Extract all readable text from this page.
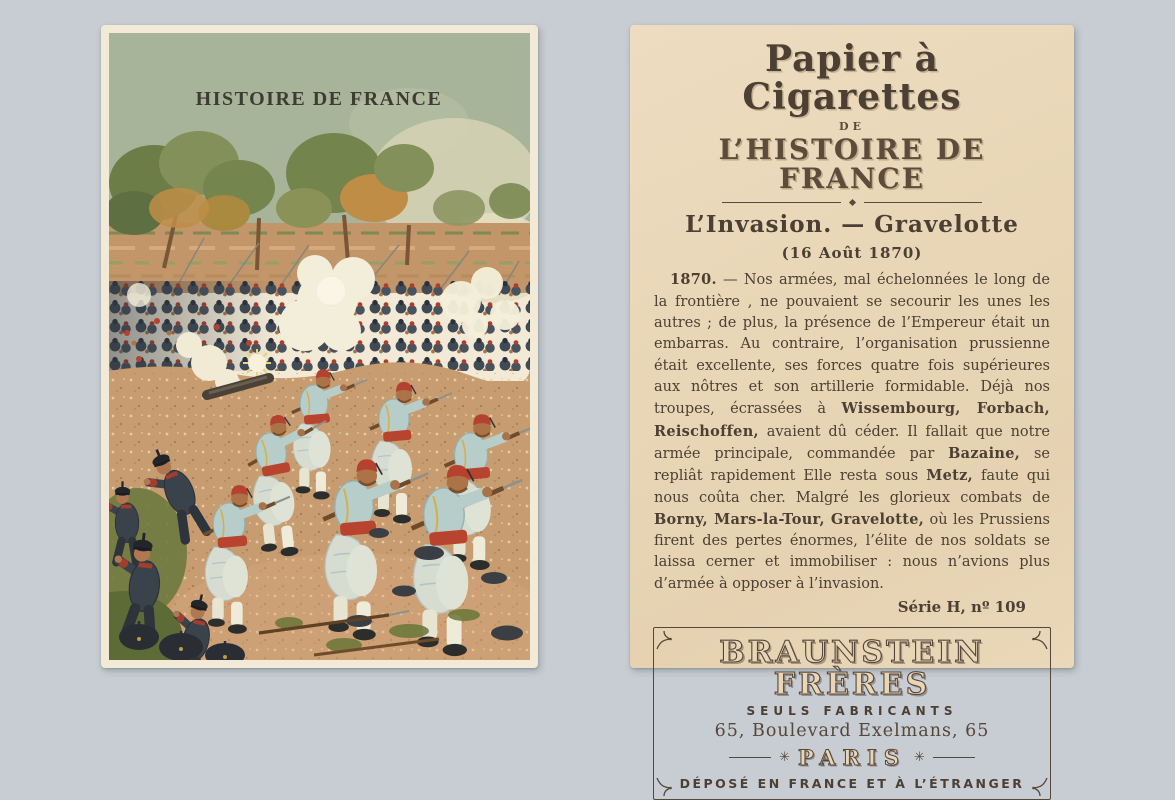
HISTOIRE DE FRANCE
Papier à Cigarettes
DE
L’HISTOIRE DE FRANCE
L’Invasion. — Gravelotte
(16 Août 1870)

1870. — Nos armées, mal échelonnées le long de la frontière , ne pouvaient se secourir les unes les autres ; de plus, la présence de l’Empereur était un embarras. Au contraire, l’organisation prussienne était excellente, ses forces quatre fois supérieures aux nôtres et son artillerie formidable. Déjà nos troupes, écrassées à Wissembourg, Forbach, Reischoffen, avaient dû céder. Il fallait que notre armée principale, commandée par Bazaine, se repliât rapidement Elle resta sous Metz, faute qui nous coûta cher. Malgré les glorieux combats de Borny, Mars-la-Tour, Gravelotte, où les Prussiens firent des pertes énormes, l’élite de nos soldats se laissa cerner et immobiliser : nous n’avions plus d’armée à opposer à l’invasion.

Série H, nº 109
BRAUNSTEIN FRÈRES
SEULS FABRICANTS
65, Boulevard Exelmans, 65
✳ PARIS ✳
DÉPOSÉ EN FRANCE ET À L’ÉTRANGER
